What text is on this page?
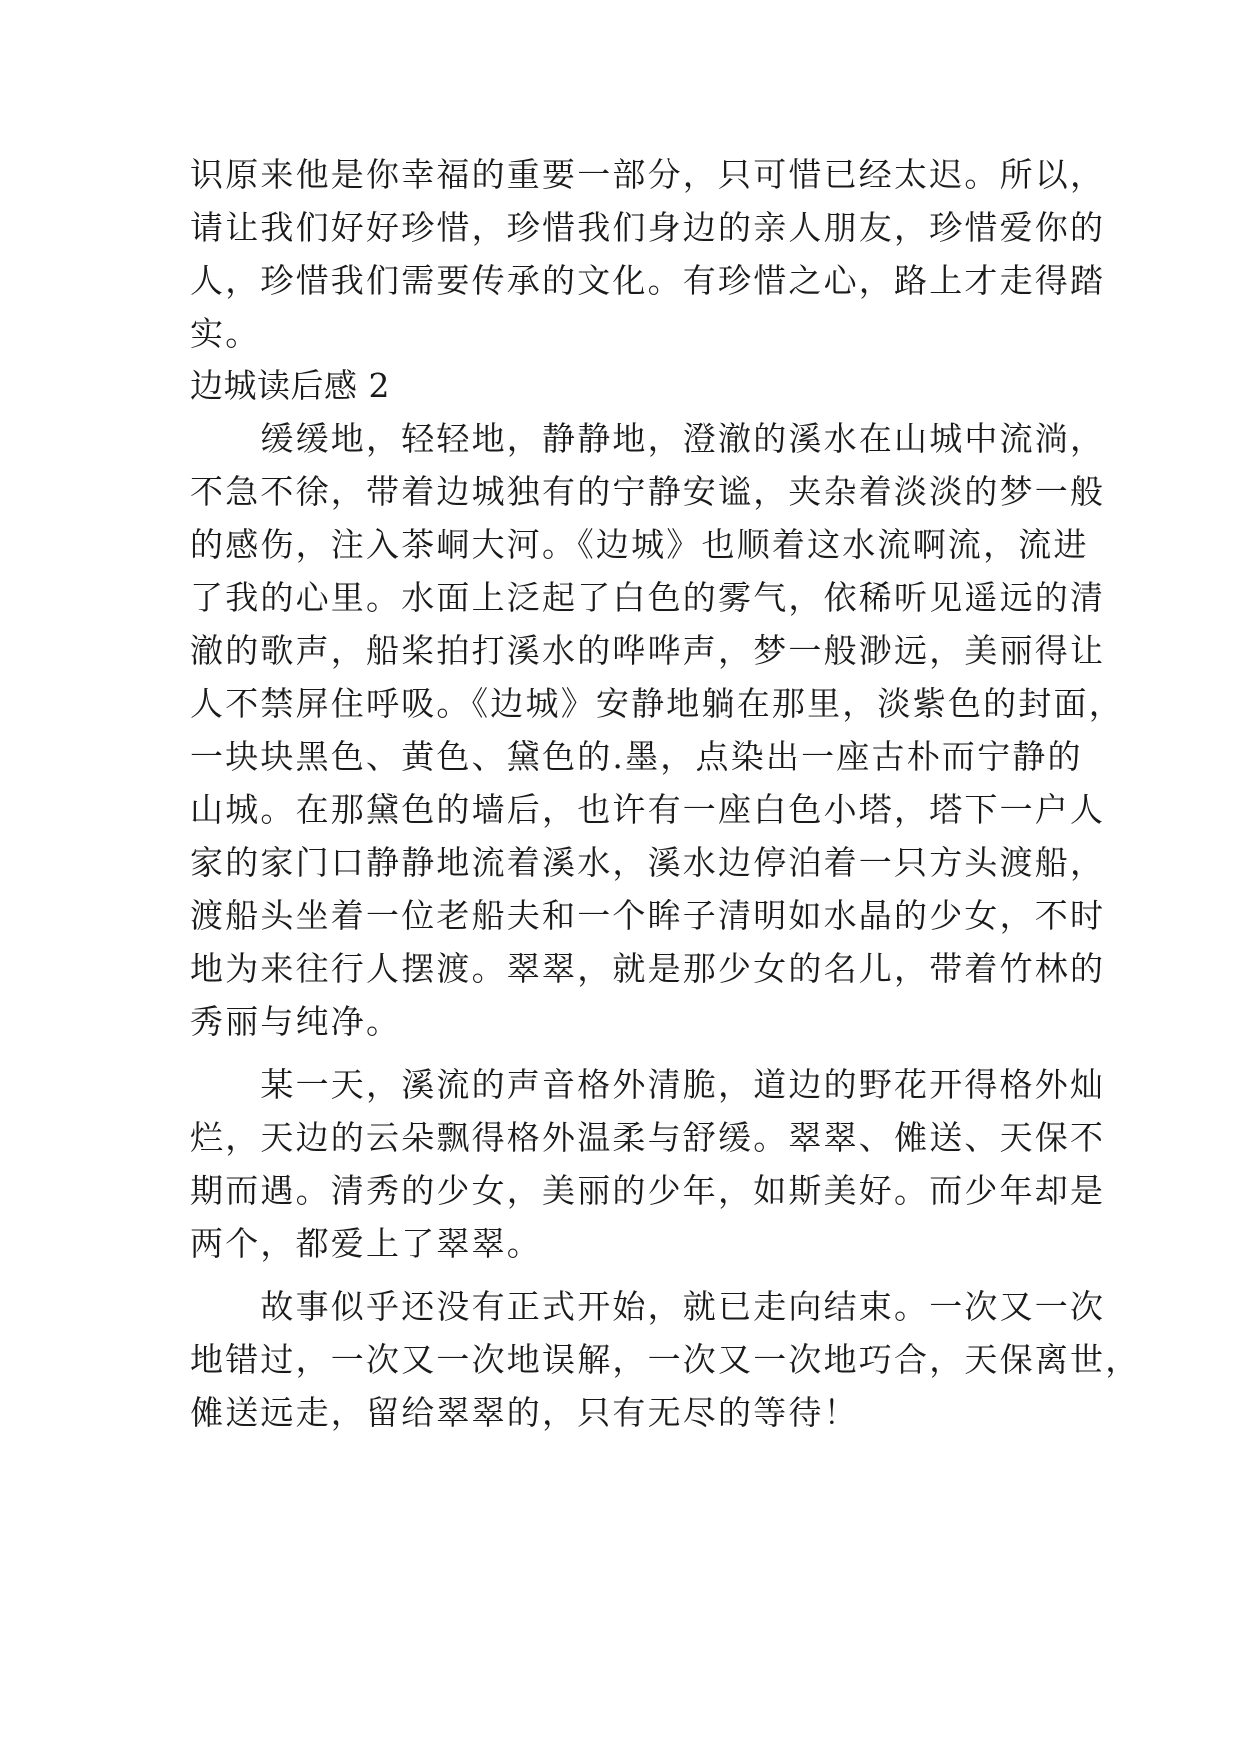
识原来他是你幸福的重要一部分，只可惜已经太迟。所以，
请让我们好好珍惜，珍惜我们身边的亲人朋友，珍惜爱你的
人，珍惜我们需要传承的文化。有珍惜之心，路上才走得踏
实。
边城读后感 2
　　缓缓地，轻轻地，静静地，澄澈的溪水在山城中流淌，
不急不徐，带着边城独有的宁静安谧，夹杂着淡淡的梦一般
的感伤，注入茶峒大河。《边城》也顺着这水流啊流，流进
了我的心里。水面上泛起了白色的雾气，依稀听见遥远的清
澈的歌声，船桨拍打溪水的哗哗声，梦一般渺远，美丽得让
人不禁屏住呼吸。《边城》安静地躺在那里，淡紫色的封面，
一块块黑色、黄色、黛色的.墨，点染出一座古朴而宁静的
山城。在那黛色的墙后，也许有一座白色小塔，塔下一户人
家的家门口静静地流着溪水，溪水边停泊着一只方头渡船，
渡船头坐着一位老船夫和一个眸子清明如水晶的少女，不时
地为来往行人摆渡。翠翠，就是那少女的名儿，带着竹林的
秀丽与纯净。
　　某一天，溪流的声音格外清脆，道边的野花开得格外灿
烂，天边的云朵飘得格外温柔与舒缓。翠翠、傩送、天保不
期而遇。清秀的少女，美丽的少年，如斯美好。而少年却是
两个，都爱上了翠翠。
　　故事似乎还没有正式开始，就已走向结束。一次又一次
地错过，一次又一次地误解，一次又一次地巧合，天保离世，
傩送远走，留给翠翠的，只有无尽的等待！
